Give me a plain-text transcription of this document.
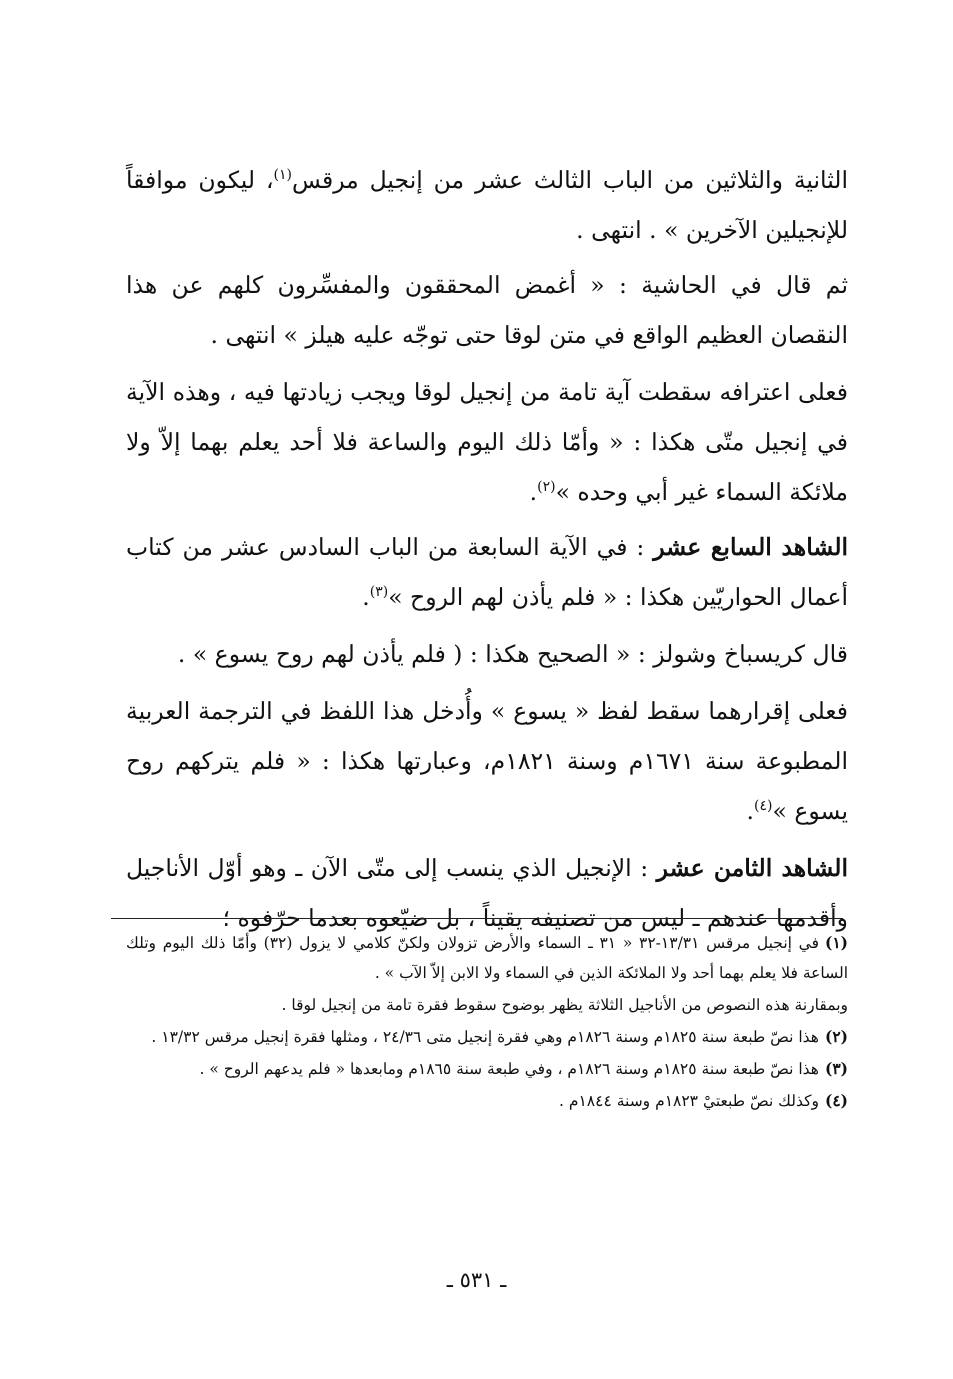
الثانية والثلاثين من الباب الثالث عشر من إنجيل مرقس$^{(١)}$، ليكون موافقاً للإنجيلين الآخرين » . انتهى .

ثم قال في الحاشية : « أغمض المحققون والمفسِّرون كلهم عن هذا النقصان العظيم الواقع في متن لوقا حتى توجّه عليه هيلز » انتهى .

فعلى اعترافه سقطت آية تامة من إنجيل لوقا ويجب زيادتها فيه ، وهذه الآية في إنجيل متّى هكذا : « وأمّا ذلك اليوم والساعة فلا أحد يعلم بهما إلاّ ولا ملائكة السماء غير أبي وحده »$^{(٢)}$.

الشاهد السابع عشر : في الآية السابعة من الباب السادس عشر من كتاب أعمال الحواريّين هكذا : « فلم يأذن لهم الروح »$^{(٣)}$.

قال كريسباخ وشولز : « الصحيح هكذا : ( فلم يأذن لهم روح يسوع » .

فعلى إقرارهما سقط لفظ « يسوع » وأُدخل هذا اللفظ في الترجمة العربية المطبوعة سنة ١٦٧١م وسنة ١٨٢١م، وعبارتها هكذا : « فلم يتركهم روح يسوع »$^{(٤)}$.

الشاهد الثامن عشر : الإنجيل الذي ينسب إلى متّى الآن ـ وهو أوّل الأناجيل وأقدمها عندهم ـ ليس من تصنيفه يقيناً ، بل ضيّعوه بعدما حرّفوه ؛

(١)في إنجيل مرقس ١٣/٣١-٣٢ « ٣١ ـ السماء والأرض تزولان ولكنّ كلامي لا يزول (٣٢) وأمّا ذلك اليوم وتلك الساعة فلا يعلم بهما أحد ولا الملائكة الذين في السماء ولا الابن إلاّ الآب » .

وبمقارنة هذه النصوص من الأناجيل الثلاثة يظهر بوضوح سقوط فقرة تامة من إنجيل لوقا .

(٢)هذا نصّ طبعة سنة ١٨٢٥م وسنة ١٨٢٦م وهي فقرة إنجيل متى ٢٤/٣٦ ، ومثلها فقرة إنجيل مرقس ١٣/٣٢ .

(٣)هذا نصّ طبعة سنة ١٨٢٥م وسنة ١٨٢٦م ، وفي طبعة سنة ١٨٦٥م ومابعدها « فلم يدعهم الروح » .

(٤)وكذلك نصّ طبعتيْ ١٨٢٣م وسنة ١٨٤٤م .

ـ ٥٣١ ـ
